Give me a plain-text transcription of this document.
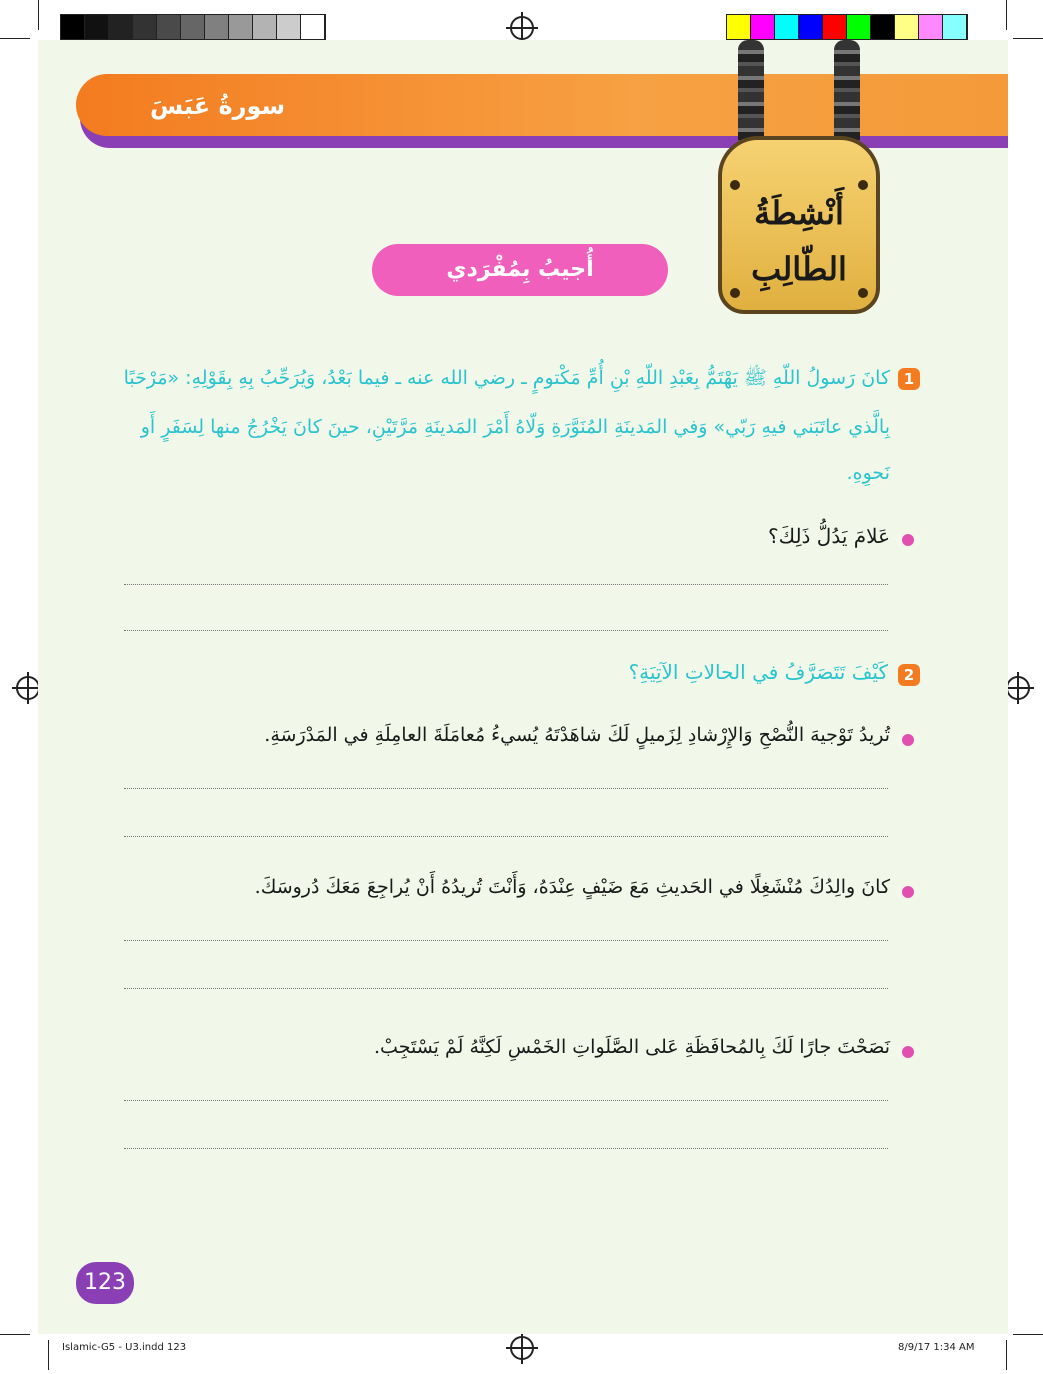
سورةُ عَبَسَ
أَنْشِطَةُ
الطّالِبِ
أُجيبُ بِمُفْرَدي
1
كانَ رَسولُ اللّهِ ﷺ يَهْتَمُّ بِعَبْدِ اللّهِ بْنِ أُمِّ مَكْتومٍ ـ رضي الله عنه ـ فيما بَعْدُ، وَيُرَحِّبُ بِهِ بِقَوْلِهِ: «مَرْحَبًا
بِالَّذي عاتَبَني فيهِ رَبّي» وَفي المَدينَةِ المُنَوَّرَةِ وَلّاهُ أَمْرَ المَدينَةِ مَرَّتَيْنِ، حينَ كانَ يَخْرُجُ منها لِسَفَرٍ أَو
نَحوِهِ.
عَلامَ يَدُلُّ ذَلِكَ؟
2
كَيْفَ تَتَصَرَّفُ في الحالاتِ الآتِيَةِ؟
تُريدُ تَوْجيهَ النُّصْحِ وَالإِرْشادِ لِزَميلٍ لَكَ شاهَدْتَهُ يُسيءُ مُعامَلَةَ العامِلَةِ في المَدْرَسَةِ.
كانَ والِدُكَ مُنْشَغِلًا في الحَديثِ مَعَ ضَيْفٍ عِنْدَهُ، وَأَنْتَ تُريدُهُ أَنْ يُراجِعَ مَعَكَ دُروسَكَ.
نَصَحْتَ جارًا لَكَ بِالمُحافَظَةِ عَلى الصَّلَواتِ الخَمْسِ لَكِنَّهُ لَمْ يَسْتَجِبْ.
123
Islamic-G5 - U3.indd 123	8/9/17 1:34 AM
